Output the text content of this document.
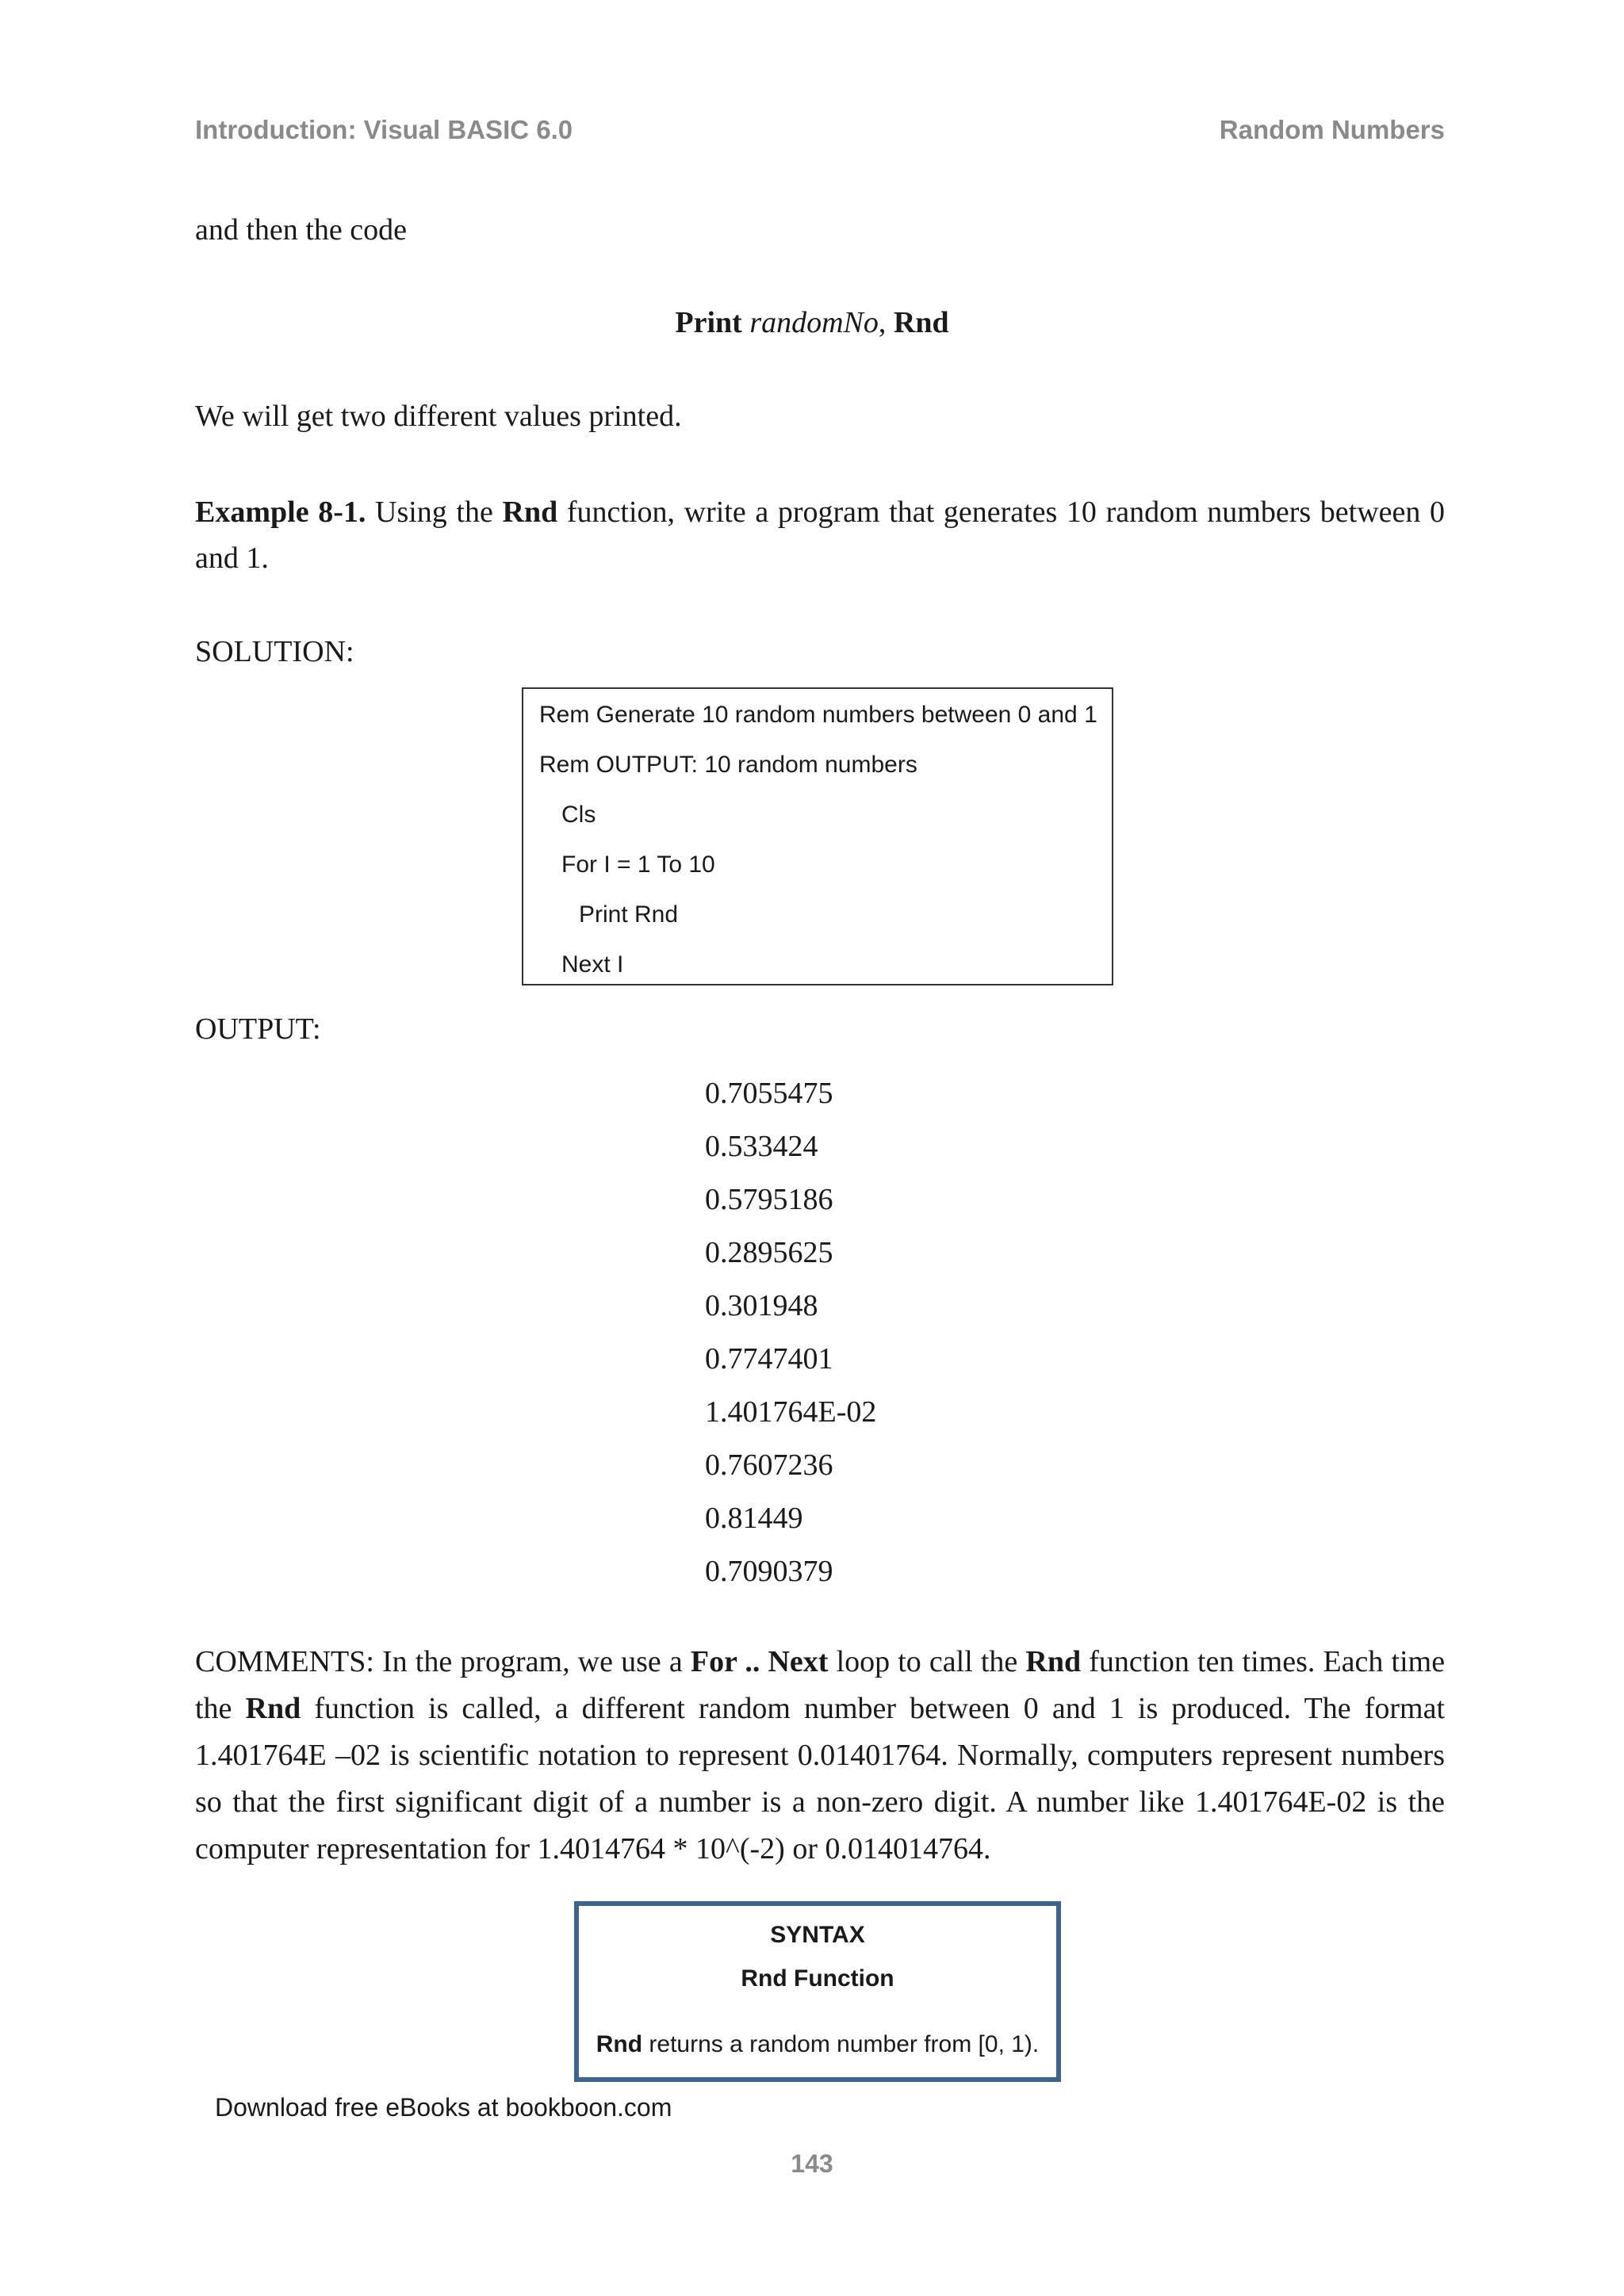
Introduction: Visual BASIC 6.0	Random Numbers
and then the code
Print randomNo, Rnd
We will get two different values printed.
Example 8-1. Using the Rnd function, write a program that generates 10 random numbers between 0 and 1.
SOLUTION:
Rem Generate 10 random numbers between 0 and 1
Rem OUTPUT: 10 random numbers
Cls
For I = 1 To 10
Print Rnd
Next I
OUTPUT:
0.7055475
0.533424
0.5795186
0.2895625
0.301948
0.7747401
1.401764E-02
0.7607236
0.81449
0.7090379
COMMENTS: In the program, we use a For .. Next loop to call the Rnd function ten times. Each time the Rnd function is called, a different random number between 0 and 1 is produced. The format 1.401764E –02 is scientific notation to represent 0.01401764. Normally, computers represent numbers so that the first significant digit of a number is a non-zero digit. A number like 1.401764E-02 is the computer representation for 1.4014764 * 10^(-2) or 0.014014764.
SYNTAX
Rnd Function
Rnd returns a random number from [0, 1).
Download free eBooks at bookboon.com
143
